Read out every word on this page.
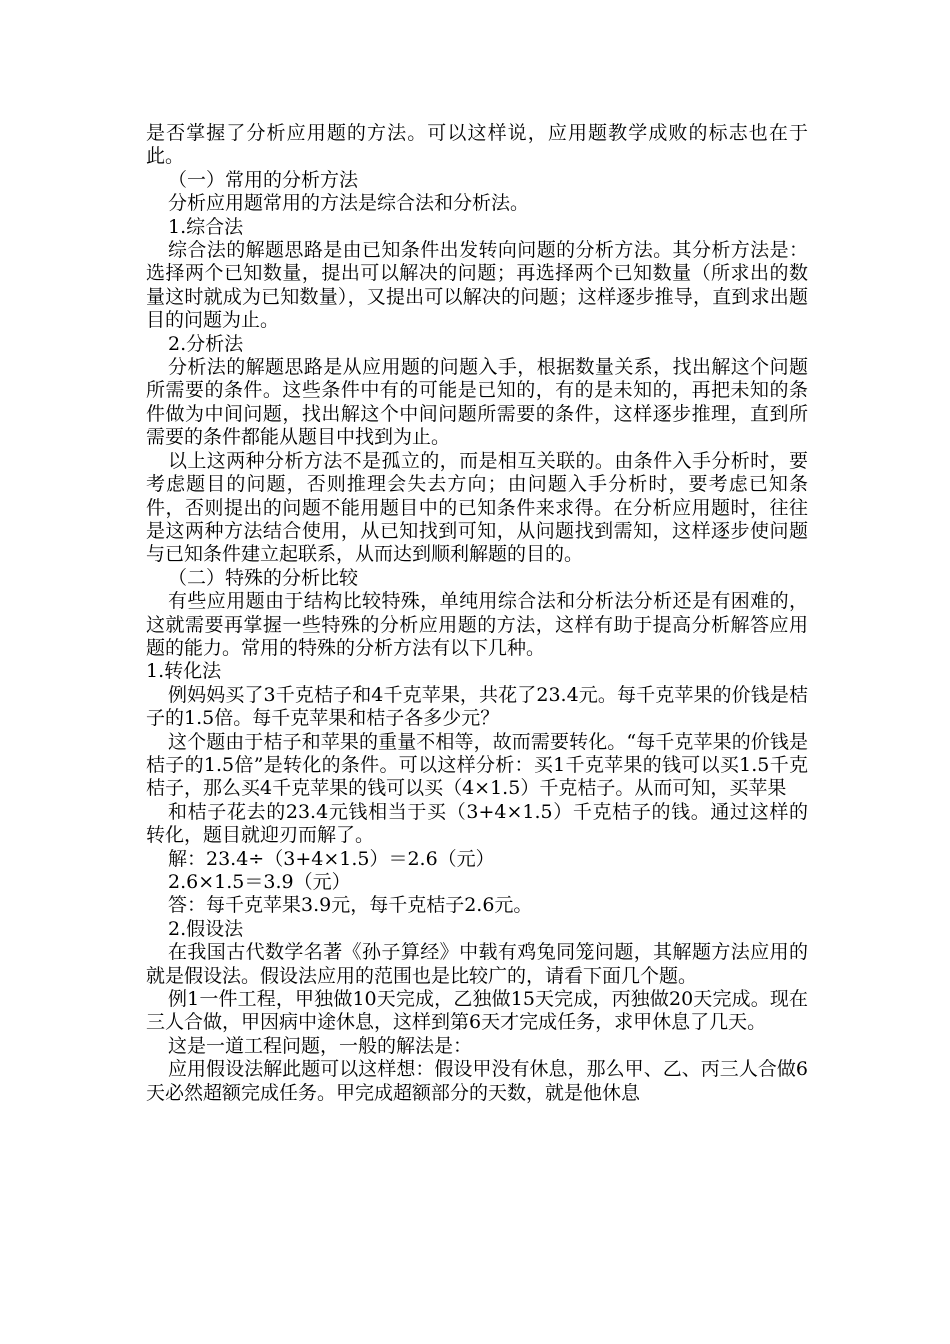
是否掌握了分析应用题的方法。可以这样说，应用题教学成败的标志也在于此。

（一）常用的分析方法

分析应用题常用的方法是综合法和分析法。

1.综合法

综合法的解题思路是由已知条件出发转向问题的分析方法。其分析方法是：选择两个已知数量，提出可以解决的问题；再选择两个已知数量（所求出的数量这时就成为已知数量），又提出可以解决的问题；这样逐步推导，直到求出题目的问题为止。

2.分析法

分析法的解题思路是从应用题的问题入手，根据数量关系，找出解这个问题所需要的条件。这些条件中有的可能是已知的，有的是未知的，再把未知的条件做为中间问题，找出解这个中间问题所需要的条件，这样逐步推理，直到所需要的条件都能从题目中找到为止。

以上这两种分析方法不是孤立的，而是相互关联的。由条件入手分析时，要考虑题目的问题，否则推理会失去方向；由问题入手分析时，要考虑已知条件，否则提出的问题不能用题目中的已知条件来求得。在分析应用题时，往往是这两种方法结合使用，从已知找到可知，从问题找到需知，这样逐步使问题与已知条件建立起联系，从而达到顺利解题的目的。

（二）特殊的分析比较

有些应用题由于结构比较特殊，单纯用综合法和分析法分析还是有困难的，这就需要再掌握一些特殊的分析应用题的方法，这样有助于提高分析解答应用题的能力。常用的特殊的分析方法有以下几种。

1.转化法

例妈妈买了3千克桔子和4千克苹果，共花了23.4元。每千克苹果的价钱是桔子的1.5倍。每千克苹果和桔子各多少元？

这个题由于桔子和苹果的重量不相等，故而需要转化。“每千克苹果的价钱是桔子的1.5倍”是转化的条件。可以这样分析：买1千克苹果的钱可以买1.5千克桔子，那么买4千克苹果的钱可以买（4×1.5）千克桔子。从而可知，买苹果

和桔子花去的23.4元钱相当于买（3+4×1.5）千克桔子的钱。通过这样的转化，题目就迎刃而解了。

解：23.4÷（3+4×1.5）＝2.6（元）

2.6×1.5＝3.9（元）

答：每千克苹果3.9元，每千克桔子2.6元。

2.假设法

在我国古代数学名著《孙子算经》中载有鸡兔同笼问题，其解题方法应用的就是假设法。假设法应用的范围也是比较广的，请看下面几个题。

例1一件工程，甲独做10天完成，乙独做15天完成，丙独做20天完成。现在三人合做，甲因病中途休息，这样到第6天才完成任务，求甲休息了几天。

这是一道工程问题，一般的解法是：

应用假设法解此题可以这样想：假设甲没有休息，那么甲、乙、丙三人合做6天必然超额完成任务。甲完成超额部分的天数，就是他休息
